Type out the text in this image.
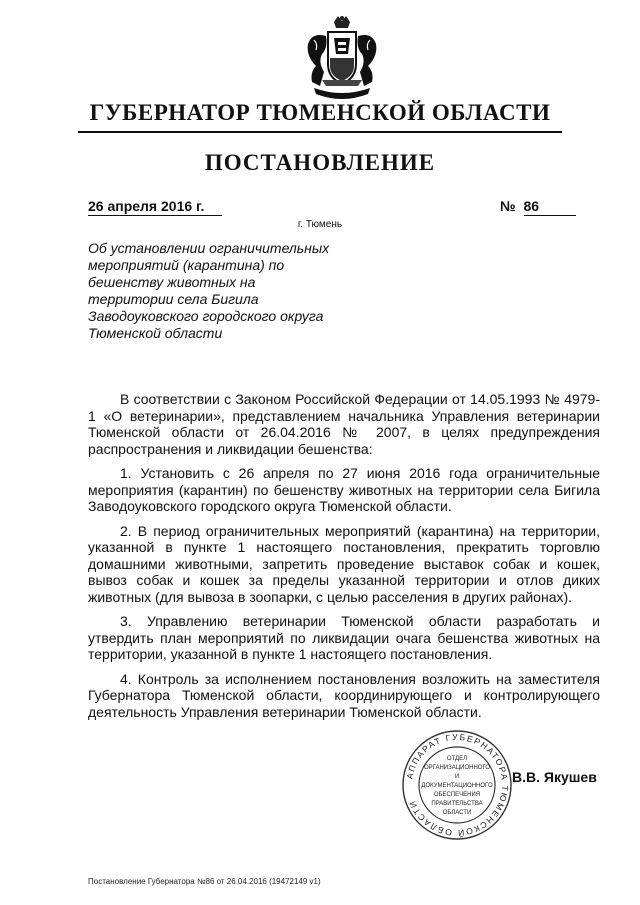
ГУБЕРНАТОР ТЮМЕНСКОЙ ОБЛАСТИ
ПОСТАНОВЛЕНИЕ
26 апреля 2016 г.	№ 86
г. Тюмень
Об установлении ограничительных
мероприятий (карантина) по
бешенству животных на
территории села Бигила
Заводоуковского городского округа
Тюменской области

В соответствии с Законом Российской Федерации от 14.05.1993 № 4979-1 «О ветеринарии», представлением начальника Управления ветеринарии Тюменской области от 26.04.2016 № 2007, в целях предупреждения распространения и ликвидации бешенства:

1. Установить с 26 апреля по 27 июня 2016 года ограничительные мероприятия (карантин) по бешенству животных на территории села Бигила Заводоуковского городского округа Тюменской области.

2. В период ограничительных мероприятий (карантина) на территории, указанной в пункте 1 настоящего постановления, прекратить торговлю домашними животными, запретить проведение выставок собак и кошек, вывоз собак и кошек за пределы указанной территории и отлов диких животных (для вывоза в зоопарки, с целью расселения в других районах).

3. Управлению ветеринарии Тюменской области разработать и утвердить план мероприятий по ликвидации очага бешенства животных на территории, указанной в пункте 1 настоящего постановления.

4. Контроль за исполнением постановления возложить на заместителя Губернатора Тюменской области, координирующего и контролирующего деятельность Управления ветеринарии Тюменской области.

АППАРАТ ГУБЕРНАТОРА ТЮМЕНСКОЙ ОБЛАСТИ
ОТДЕЛ
ОРГАНИЗАЦИОННОГО
И
ДОКУМЕНТАЦИОННОГО
ОБЕСПЕЧЕНИЯ
ПРАВИТЕЛЬСТВА
ОБЛАСТИ
В.В. Якушев
Постановление Губернатора №86 от 26.04.2016 (19472149 v1)
